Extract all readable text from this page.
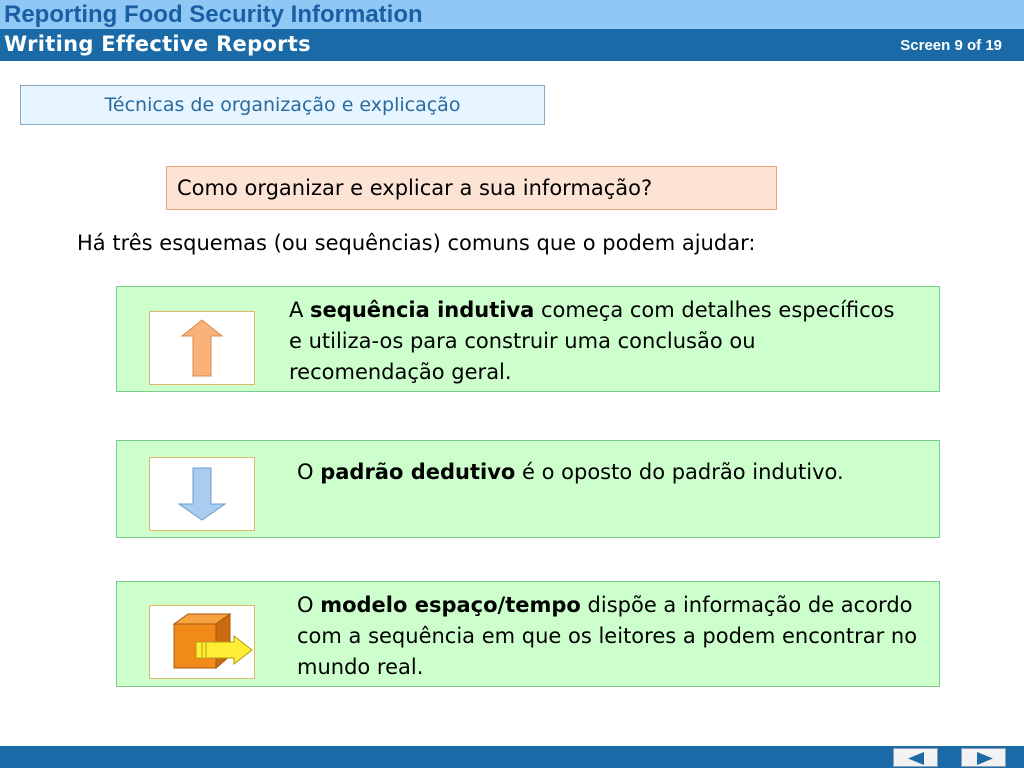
Reporting Food Security Information
Writing Effective Reports	Screen 9 of 19
Técnicas de organização e explicação
Como organizar e explicar a sua informação?
Há três esquemas (ou sequências) comuns que o podem ajudar:
A sequência indutiva começa com detalhes específicos e utiliza-os para construir uma conclusão ou recomendação geral.
O padrão dedutivo é o oposto do padrão indutivo.
O modelo espaço/tempo dispõe a informação de acordo com a sequência em que os leitores a podem encontrar no mundo real.
